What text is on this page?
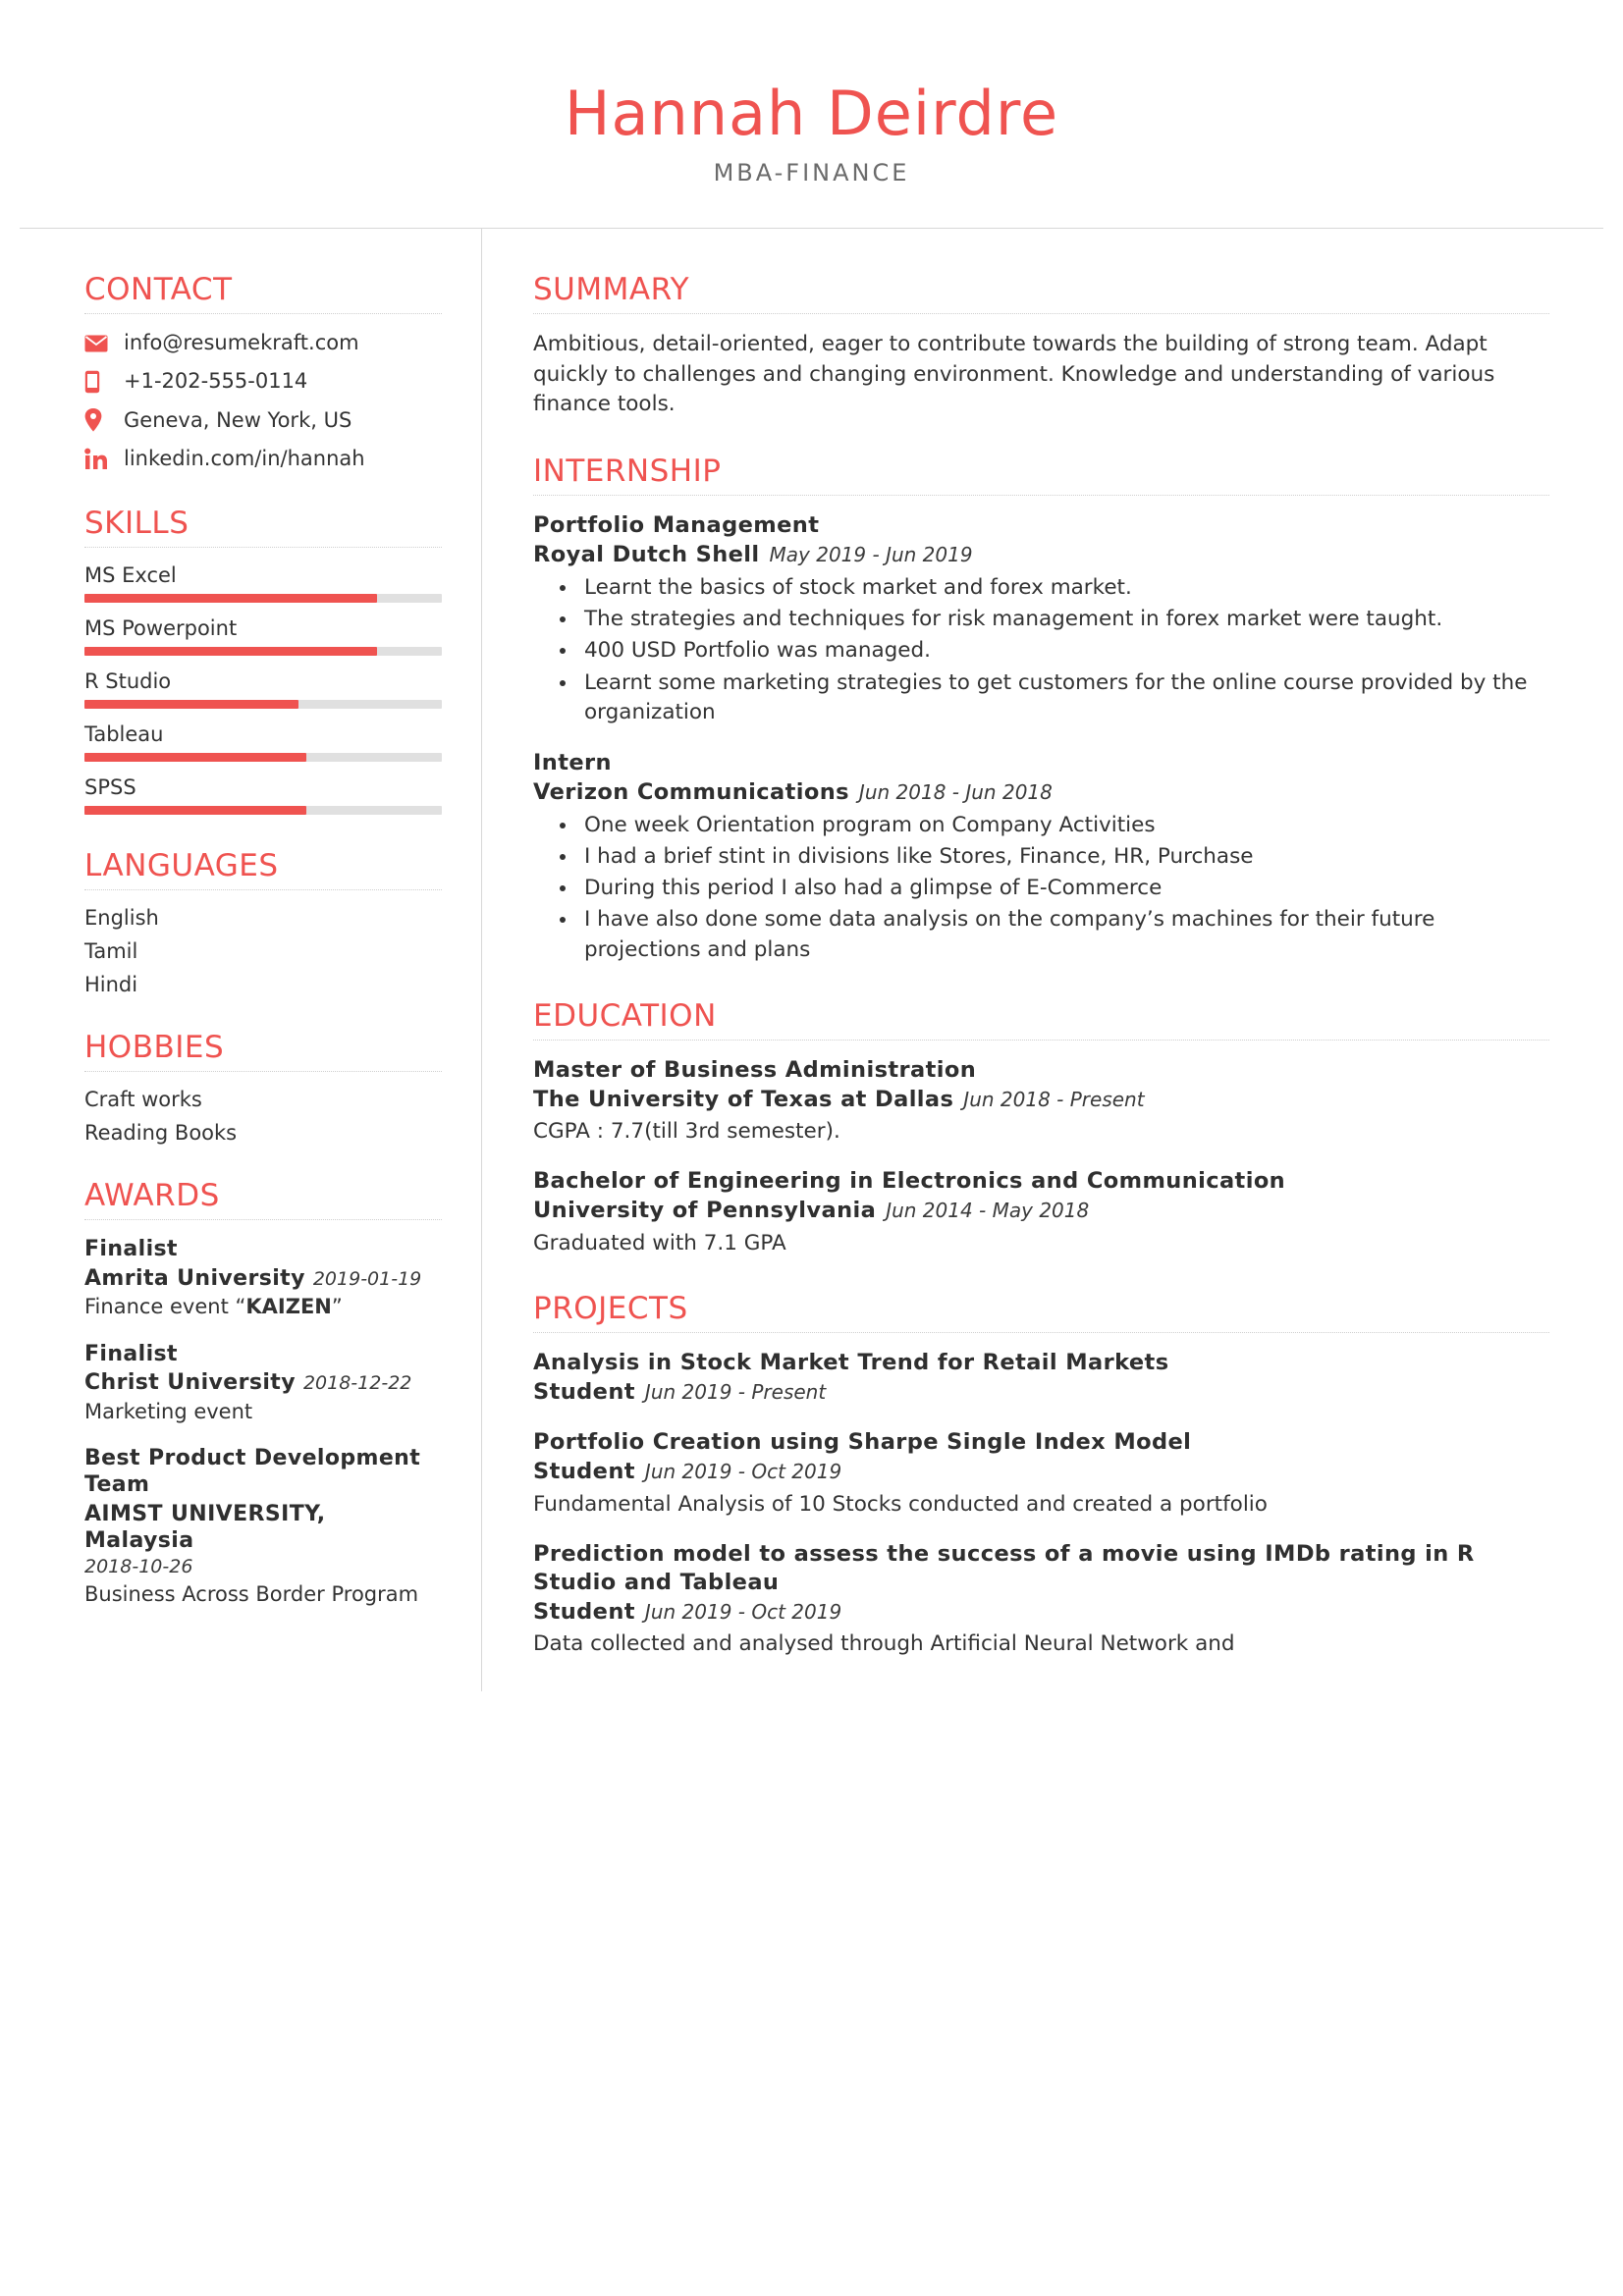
Hannah Deirdre
MBA-FINANCE
CONTACT
info@resumekraft.com
+1-202-555-0114
Geneva, New York, US
linkedin.com/in/hannah
SKILLS
MS Excel
MS Powerpoint
R Studio
Tableau
SPSS
LANGUAGES
English
Tamil
Hindi
HOBBIES
Craft works
Reading Books
AWARDS
Finalist
Amrita University 2019-01-19
Finance event “KAIZEN”
Finalist
Christ University 2018-12-22
Marketing event
Best Product Development Team
AIMST UNIVERSITY, Malaysia
2018-10-26
Business Across Border Program
SUMMARY
Ambitious, detail-oriented, eager to contribute towards the building of strong team. Adapt quickly to challenges and changing environment. Knowledge and understanding of various finance tools.
INTERNSHIP
Portfolio Management
Royal Dutch Shell May 2019 - Jun 2019
• Learnt the basics of stock market and forex market.
• The strategies and techniques for risk management in forex market were taught.
• 400 USD Portfolio was managed.
• Learnt some marketing strategies to get customers for the online course provided by the organization
Intern
Verizon Communications Jun 2018 - Jun 2018
• One week Orientation program on Company Activities
• I had a brief stint in divisions like Stores, Finance, HR, Purchase
• During this period I also had a glimpse of E-Commerce
• I have also done some data analysis on the company’s machines for their future projections and plans
EDUCATION
Master of Business Administration
The University of Texas at Dallas Jun 2018 - Present
CGPA : 7.7(till 3rd semester).
Bachelor of Engineering in Electronics and Communication
University of Pennsylvania Jun 2014 - May 2018
Graduated with 7.1 GPA
PROJECTS
Analysis in Stock Market Trend for Retail Markets
Student Jun 2019 - Present
Portfolio Creation using Sharpe Single Index Model
Student Jun 2019 - Oct 2019
Fundamental Analysis of 10 Stocks conducted and created a portfolio
Prediction model to assess the success of a movie using IMDb rating in R Studio and Tableau
Student Jun 2019 - Oct 2019
Data collected and analysed through Artificial Neural Network and
